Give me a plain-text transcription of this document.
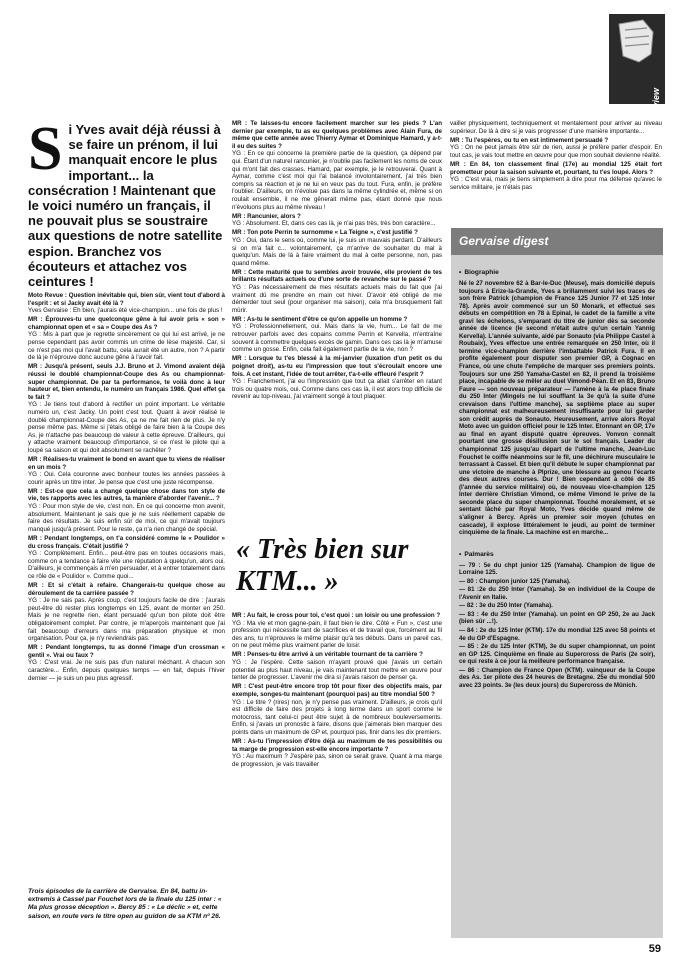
interview
S i Yves avait déjà réussi à se faire un prénom, il lui manquait encore le plus important... la consécration ! Maintenant que le voici numéro un français, il ne pouvait plus se soustraire aux questions de notre satellite espion. Branchez vos écouteurs et attachez vos ceintures !

Moto Revue : Question inévitable qui, bien sûr, vient tout d'abord à l'esprit : et si Jacky avait été là ?
Yves Gervaise : Eh bien, j'aurais été vice-champion... une fois de plus !

MR : Éprouves-tu une quelconque gêne à lui avoir pris « son » championnat open et « sa » Coupe des As ?
YG : Mis à part que je regrette sincèrement ce qui lui est arrivé, je ne pense cependant pas avoir commis un crime de lèse majesté. Car, si ce n'est pas moi qui l'avait battu, cela aurait été un autre, non ? A partir de là je n'éprouve donc aucune gêne à l'avoir fait.

MR : Jusqu'à présent, seuls J.J. Bruno et J. Vimond avaient déjà réussi le doublé championnat-Coupe des As ou championnat-super championnat. De par ta performance, te voilà donc à leur hauteur et, bien entendu, le numéro un français 1986. Quel effet ça te fait ?
YG : Je tiens tout d'abord à rectifier un point important. Le véritable numéro un, c'est Jacky. Un point c'est tout. Quant à avoir réalisé le doublé championnat-Coupe des As, ça ne me fait rien de plus. Je n'y pense même pas. Même si j'étais obligé de faire bien à la Coupe des As, je n'attache pas beaucoup de valeur à cette épreuve. D'ailleurs, qui y attache vraiment beaucoup d'importance, si ce n'est le pilote qui a loupé sa saison et qui doit absolument se rachêter ?

MR : Réalises-tu vraiment le bond en avant que tu viens de réaliser en un mois ?
YG : Oui. Cela couronne avec bonheur toutes les années passées à courir après un titre inter. Je pense que c'est une juste récompense.

MR : Est-ce que cela a changé quelque chose dans ton style de vie, tes rapports avec les autres, ta manière d'aborder l'avenir... ?
YG : Pour mon style de vie, c'est non. En ce qui concerne mon avenir, absolument. Maintenant je sais que je ne suis réellement capable de faire des résultats. Je suis enfin sûr de moi, ce qui m'avait toujours manqué jusqu'à présent. Pour le reste, ça n'a rien changé de spécial.

MR : Pendant longtemps, on t'a considéré comme le « Poulidor » du cross français. C'était justifié ?
YG : Complètement. Enfin... peut-être pas en toutes occasions mais, comme on a tendance à faire vite une réputation à quelqu'un, alors oui. D'ailleurs, je commençais à m'en persuader, et à entrer totalement dans ce rôle de « Poulidor ». Comme quoi...

MR : Et si c'était à refaire. Changerais-tu quelque chose au déroulement de ta carrière passée ?
YG : Je ne sais pas. Après coup, c'est toujours facile de dire : j'aurais peut-être dû rester plus longtemps en 125, avant de monter en 250. Mais je ne regrette rien, étant persuadé qu'un bon pilote doit être obligatoirement complet. Par contre, je m'aperçois maintenant que j'ai fait beaucoup d'erreurs dans ma préparation physique et mon organisation. Pour ça, je n'y reviendrais pas.

MR : Pendant longtemps, tu as donné l'image d'un crossman « gentil ». Vrai ou faux ?
YG : C'est vrai. Je ne suis pas d'un naturel méchant. A chacun son caractère... Enfin, depuis quelques temps — en fait, depuis l'hiver dernier — je suis un peu plus agressif.

MR : Te laisses-tu encore facilement marcher sur les pieds ? L'an dernier par exemple, tu as eu quelques problèmes avec Alain Fura, de même que cette année avec Thierry Aymar et Dominique Hamard, y a-t-il eu des suites ?
YG : En ce qui concerne la première partie de la question, ça dépend par qui. Étant d'un naturel rancunier, je n'oublie pas facilement les noms de ceux qui m'ont fait des crasses. Hamard, par exemple, je le retrouverai. Quant à Aymar, comme c'est moi qui l'ai balancé involontairement, j'ai très bien compris sa réaction et je ne lui en veux pas du tout. Fura, enfin, je préfère l'oublier. D'ailleurs, on n'évolue pas dans la même cylindrée et, même si on roulait ensemble, il ne me gênerait même pas, étant donné que nous n'évoluons plus au même niveau !

MR : Rancunier, alors ?
YG : Absolument. Et, dans ces cas là, je n'ai pas très, très bon caractère...

MR : Ton pote Perrin te surnomme « La Teigne », c'est justifié ?
YG : Oui, dans le sens où, comme lui, je suis un mauvais perdant. D'ailleurs si on m'a fait c... volontairement, ça m'arrive de souhaiter du mal à quelqu'un. Mais de là à faire vraiment du mal à cette personne, non, pas quand même.

MR : Cette maturité que tu sembles avoir trouvée, elle provient de tes brillants résultats actuels ou d'une sorte de revanche sur le passé ?
YG : Pas nécessairement de mes résultats actuels mais du fait que j'ai vraiment dû me prendre en main cet hiver. D'avoir été obligé de me démerder tout seul (pour organiser ma saison), cela m'a brusquement fait mûrir.

MR : As-tu le sentiment d'être ce qu'on appelle un homme ?
YG : Professionnellement, oui. Mais dans la vie, hum... Le fait de me retrouver parfois avec des copains comme Perrin et Kervella, m'entraîne souvent à commettre quelques excès de gamin. Dans ces cas là je m'amuse comme un gosse. Enfin, cela fait également partie de la vie, non ?

MR : Lorsque tu t'es blessé à la mi-janvier (luxation d'un petit os du poignet droit), as-tu eu l'impression que tout s'écroulait encore une fois. A cet instant, l'idée de tout arrêter, t'a-t-elle effleuré l'esprit ?
YG : Franchement, j'ai eu l'impression que tout ça allait s'arrêter en ratant trois ou quatre mois, oui. Comme dans ces cas là, il est alors trop difficile de revenir au top-niveau, j'ai vraiment songé à tout plaquer.

« Très bien sur KTM... »

MR : Au fait, le cross pour toi, c'est quoi : un loisir ou une profession ?
YG : Ma vie et mon gagne-pain, il faut bien le dire. Côté « Fun », c'est une profession qui nécessite tant de sacrifices et de travail que, forcément au fil des ans, tu n'éprouves le même plaisir qu'à tes débuts. Dans un pareil cas, on ne peut même plus vraiment parler de loisir.

MR : Penses-tu être arrivé à un véritable tournant de ta carrière ?
YG : Je l'espère. Cette saison m'ayant prouvé que j'avais un certain potentiel au plus haut niveau, je vais maintenant tout mettre en œuvre pour tenter de progresser. L'avenir me dira si j'avais raison de penser ça.

MR : C'est peut-être encore trop tôt pour fixer des objectifs mais, par exemple, songes-tu maintenant (pourquoi pas) au titre mondial 500 ?
YG : Le titre ? (rires) non, je n'y pense pas vraiment. D'ailleurs, je crois qu'il est difficile de faire des projets à long terme dans un sport comme le motocross, tant celui-ci peut être sujet à de nombreux bouleversements. Enfin, si j'avais un pronostic à faire, disons que j'aimerais bien marquer des points dans un maximum de GP et, pourquoi pas, finir dans les dix premiers.

MR : As-tu l'impression d'être déjà au maximum de tes possibilités ou ta marge de progression est-elle encore importante ?
YG : Au maximum ? J'espère pas, sinon ce serait grave. Quant à ma marge de progression, je vais travailler

vailler physiquement, techniquement et mentalement pour arriver au niveau supérieur. De là à dire si je vais progresser d'une manière importante...

MR : Tu l'espères, ou tu en est intimement persuadé ?
YG : On ne peut jamais être sûr de rien, aussi je préfère parler d'espoir. En tout cas, je vais tout mettre en œuvre pour que mon souhait devienne réalité.

MR : En 84, ton classement final (17e) au mondial 125 était fort prometteur pour la saison suivante et, pourtant, tu t'es loupé. Alors ?
YG : C'est vrai, mais je tiens simplement à dire pour ma défense qu'avec le service militaire, je n'étais pas

Gervaise digest
• Biographie
Né le 27 novembre 62 à Bar-le-Duc (Meuse), mais domicilié depuis toujours à Erize-la-Grande, Yves a brillamment suivi les traces de son frère Patrick (champion de France 125 Junior 77 et 125 Inter 78). Après avoir commencé sur un 50 Monark, et effectué ses débuts en compétition en 78 à Epinal, le cadet de la famille a vite gravi les échelons, s'emparant du titre de junior dès sa seconde année de licence (le second n'était autre qu'un certain Yannig Kervella). L'année suivante, aidé par Sonauto (via Philippe Castel à Roubaix), Yves effectue une entrée remarquée en 250 Inter, où il termine vice-champion derrière l'imbattable Patrick Fura. Il en profite également pour disputer son premier GP, à Cognac en France, où une chute l'empêche de marquer ses premiers points. Toujours sur une 250 Yamaha-Castel en 82, il prend la troisième place, incapable de se mêler au duel Vimond-Péan. Et en 83, Bruno Faure — son nouveau préparateur — l'amène à la 4e place finale du 250 Inter (Mingels ne lui soufflant la 3e qu'à la suite d'une crevaison dans l'ultime manche), sa septième place au super championnat est malheureusement insuffisante pour lui garder son crédit auprès de Sonauto. Heureusement, arrive alors Royal Moto avec un guidon officiel pour le 125 Inter. Etonnant en GP, 17e au final en ayant disputé quatre épreuves. Vonvon connaît pourtant une grosse désillusion sur le sol français. Leader du championnat 125 jusqu'au départ de l'ultime manche, Jean-Luc Fouchet le coiffe néanmoins sur le fil, une déchirure musculaire le terrassant à Cassel. Et bien qu'il débute le super championnat par une victoire de manche à Plprize, une blessure au genou l'écarte des deux autres courses. Dur ! Bien cependant à côté de 85 (l'année du service militaire) où, de nouveau vice-champion 125 Inter derrière Christian Vimond, ce même Vimond le prive de la seconde place du super championnat. Touché moralement, et se sentant lâché par Royal Moto, Yves décide quand même de s'aligner à Bercy. Après un premier soir moyen (chutes en cascade), il explose littéralement le jeudi, au point de terminer cinquième de la finale. La machine est en marche...
• Palmarès

— 79 : 5e du chpt junior 125 (Yamaha). Champion de ligue de Lorraine 125.

— 80 : Champion junior 125 (Yamaha).

— 81 :2e du 250 Inter (Yamaha). 3e en individuel de la Coupe de l'Avenir en Italie.

— 82 : 3e du 250 Inter (Yamaha).

— 83 : 4e du 250 Inter (Yamaha). un point en GP 250, 2e au Jack (bien sûr ...!).

— 84 : 2e du 125 Inter (KTM). 17e du mondial 125 avec 58 points et 4e du GP d'Espagne.

— 85 : 2e du 125 Inter (KTM), 3e du super championnat, un point en GP 125. Cinquième en finale au Supercross de Paris (2e soir), ce qui reste à ce jour la meilleure performance française.

— 86 : Champion de France Open (KTM). vainqueur de la Coupe des As. 1er pilote des 24 heures de Bretagne. 25e du mondial 500 avec 23 points. 3e (les deux jours) du Supercross de Münich.

Trois épisodes de la carrière de Gervaise. En 84, battu in-extremis à Cassel par Fouchet lors de la finale du 125 inter : « Ma plus grosse déception ». Bercy 85 : « Le déclic » et, cette saison, en route vers le titre open au guidon de sa KTM nº 26.
59
